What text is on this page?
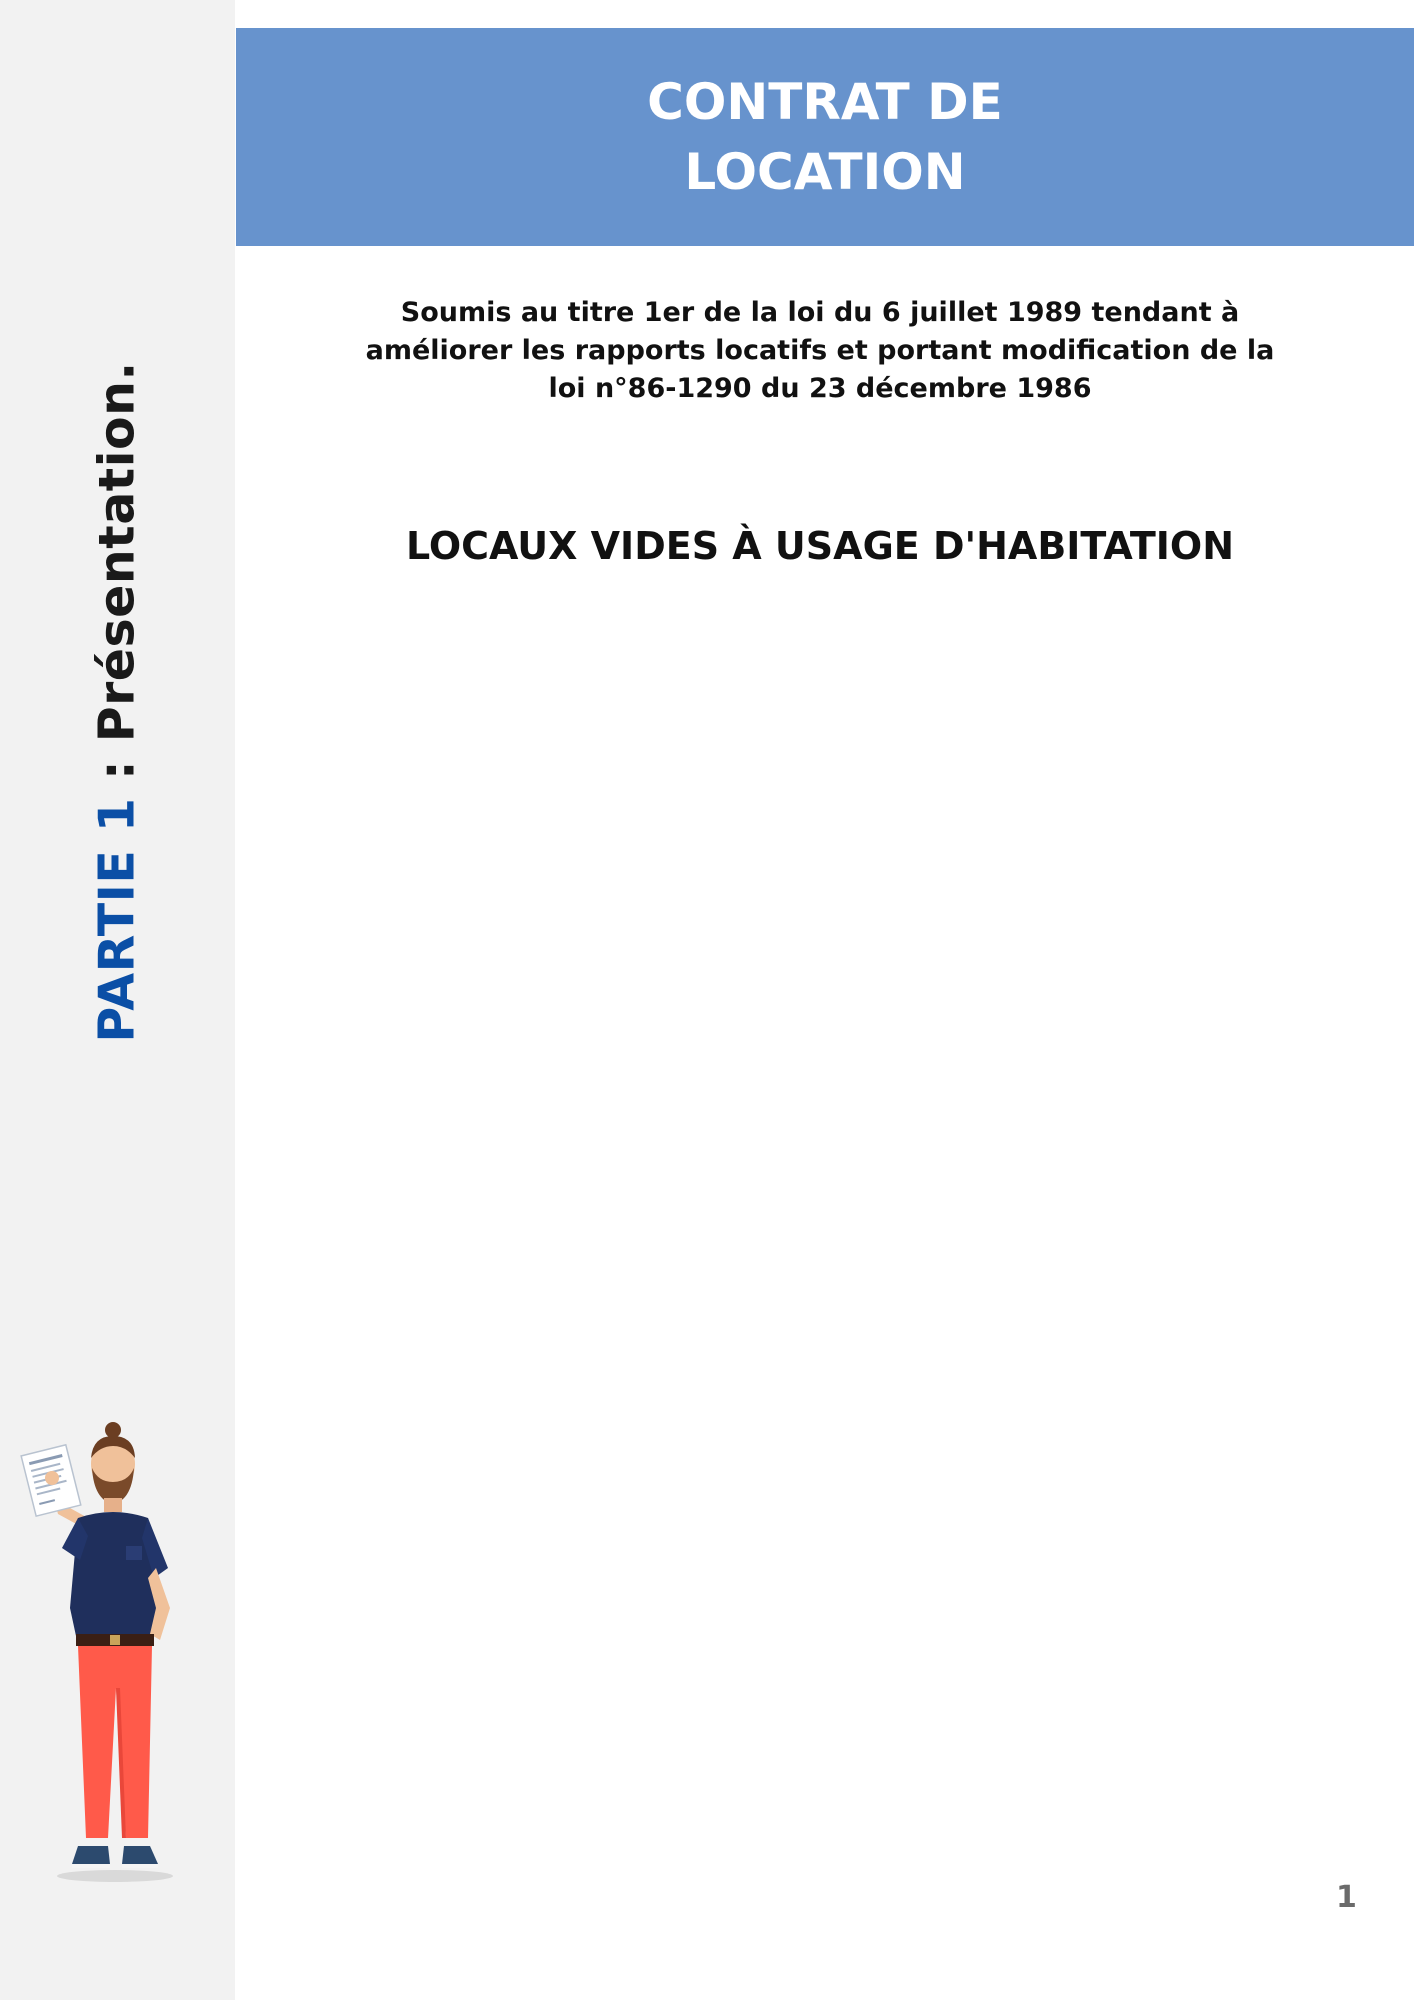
PARTIE 1 : Présentation.
CONTRAT DE
LOCATION
Soumis au titre 1er de la loi du 6 juillet 1989 tendant à
améliorer les rapports locatifs et portant modification de la
loi n°86-1290 du 23 décembre 1986
LOCAUX VIDES À USAGE D'HABITATION
1
